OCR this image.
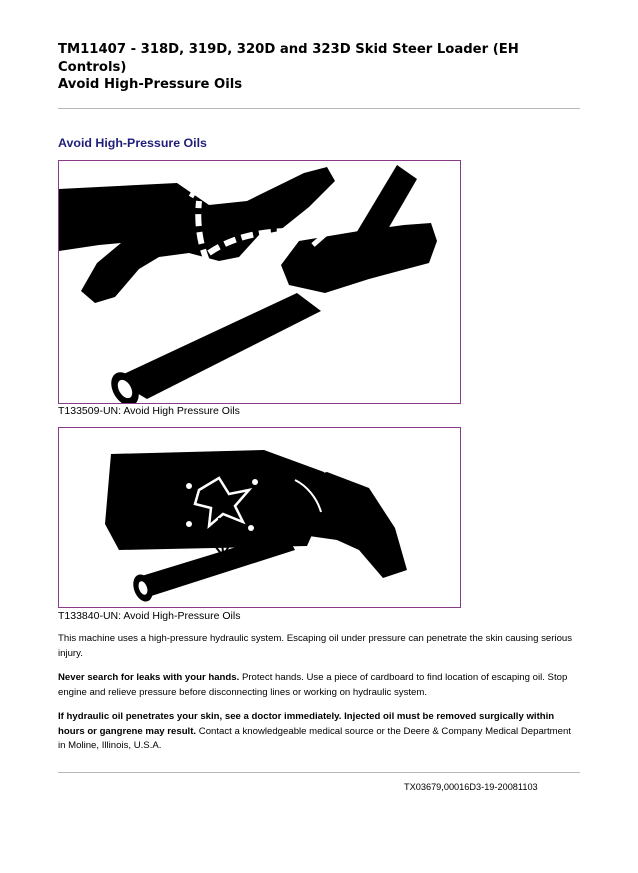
TM11407 - 318D, 319D, 320D and 323D Skid Steer Loader (EH
Controls)
Avoid High-Pressure Oils
Avoid High-Pressure Oils

T133509-UN: Avoid High Pressure Oils

T133840-UN: Avoid High-Pressure Oils

This machine uses a high-pressure hydraulic system. Escaping oil under pressure can penetrate the skin causing serious injury.

Never search for leaks with your hands. Protect hands. Use a piece of cardboard to find location of escaping oil. Stop engine and relieve pressure before disconnecting lines or working on hydraulic system.

If hydraulic oil penetrates your skin, see a doctor immediately. Injected oil must be removed surgically within hours or gangrene may result. Contact a knowledgeable medical source or the Deere & Company Medical Department in Moline, Illinois, U.S.A.

TX03679,00016D3-19-20081103
